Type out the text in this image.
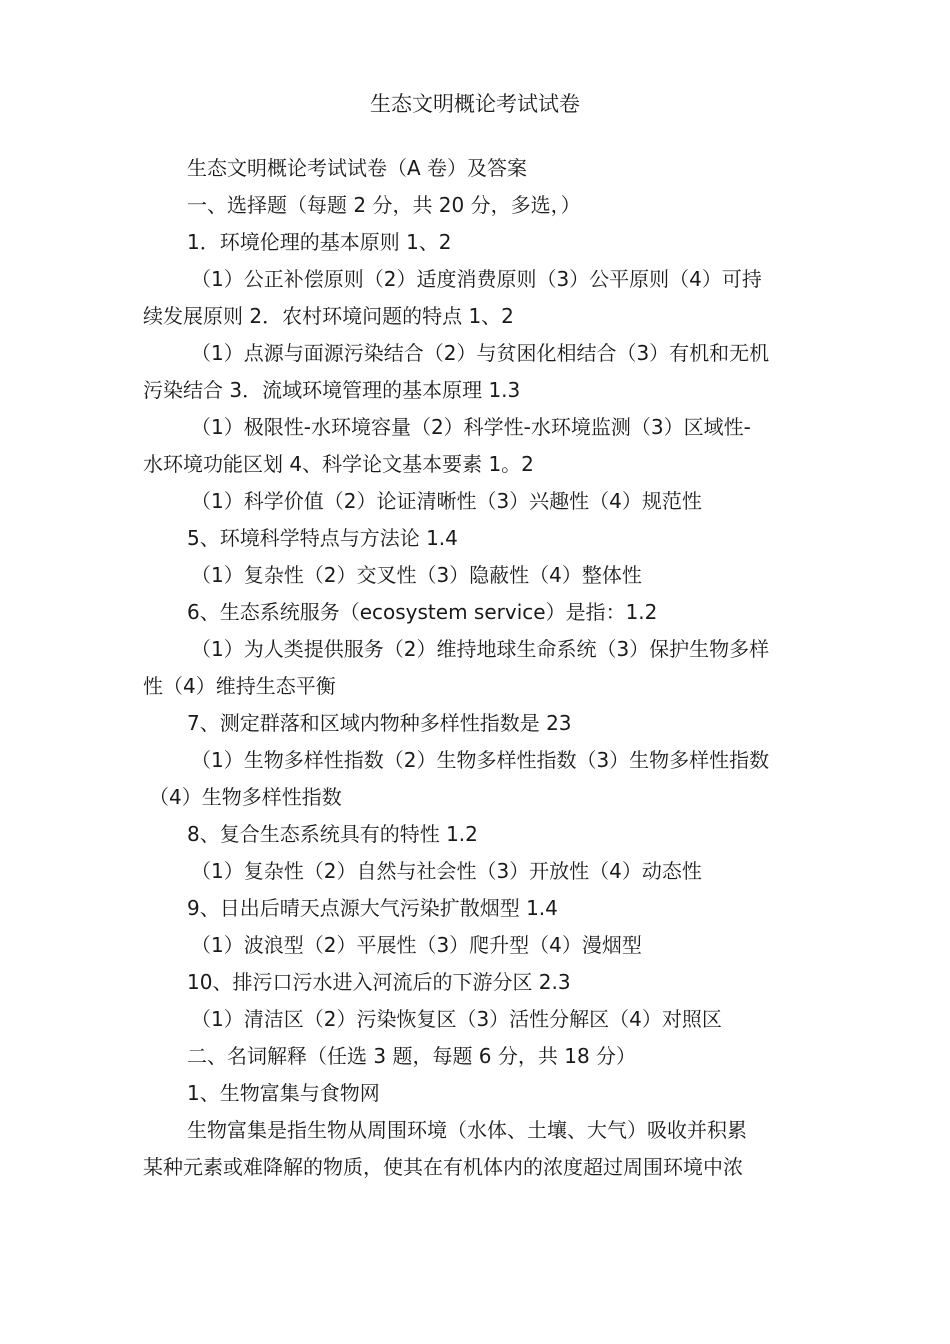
生态文明概论考试试卷

生态文明概论考试试卷（A 卷）及答案

一、选择题（每题 2 分，共 20 分，多选，）

1．环境伦理的基本原则 1、2

（1）公正补偿原则（2）适度消费原则（3）公平原则（4）可持

续发展原则 2．农村环境问题的特点 1、2

（1）点源与面源污染结合（2）与贫困化相结合（3）有机和无机

污染结合 3．流域环境管理的基本原理 1.3

（1）极限性-水环境容量（2）科学性-水环境监测（3）区域性-

水环境功能区划 4、科学论文基本要素 1。2

（1）科学价值（2）论证清晰性（3）兴趣性（4）规范性

5、环境科学特点与方法论 1.4

（1）复杂性（2）交叉性（3）隐蔽性（4）整体性

6、生态系统服务（ecosystem service）是指：1.2

（1）为人类提供服务（2）维持地球生命系统（3）保护生物多样

性（4）维持生态平衡

7、测定群落和区域内物种多样性指数是 23

（1）生物多样性指数（2）生物多样性指数（3）生物多样性指数

（4）生物多样性指数

8、复合生态系统具有的特性 1.2

（1）复杂性（2）自然与社会性（3）开放性（4）动态性

9、日出后晴天点源大气污染扩散烟型 1.4

（1）波浪型（2）平展性（3）爬升型（4）漫烟型

10、排污口污水进入河流后的下游分区 2.3

（1）清洁区（2）污染恢复区（3）活性分解区（4）对照区

二、名词解释（任选 3 题，每题 6 分，共 18 分）

1、生物富集与食物网

生物富集是指生物从周围环境（水体、土壤、大气）吸收并积累

某种元素或难降解的物质，使其在有机体内的浓度超过周围环境中浓
